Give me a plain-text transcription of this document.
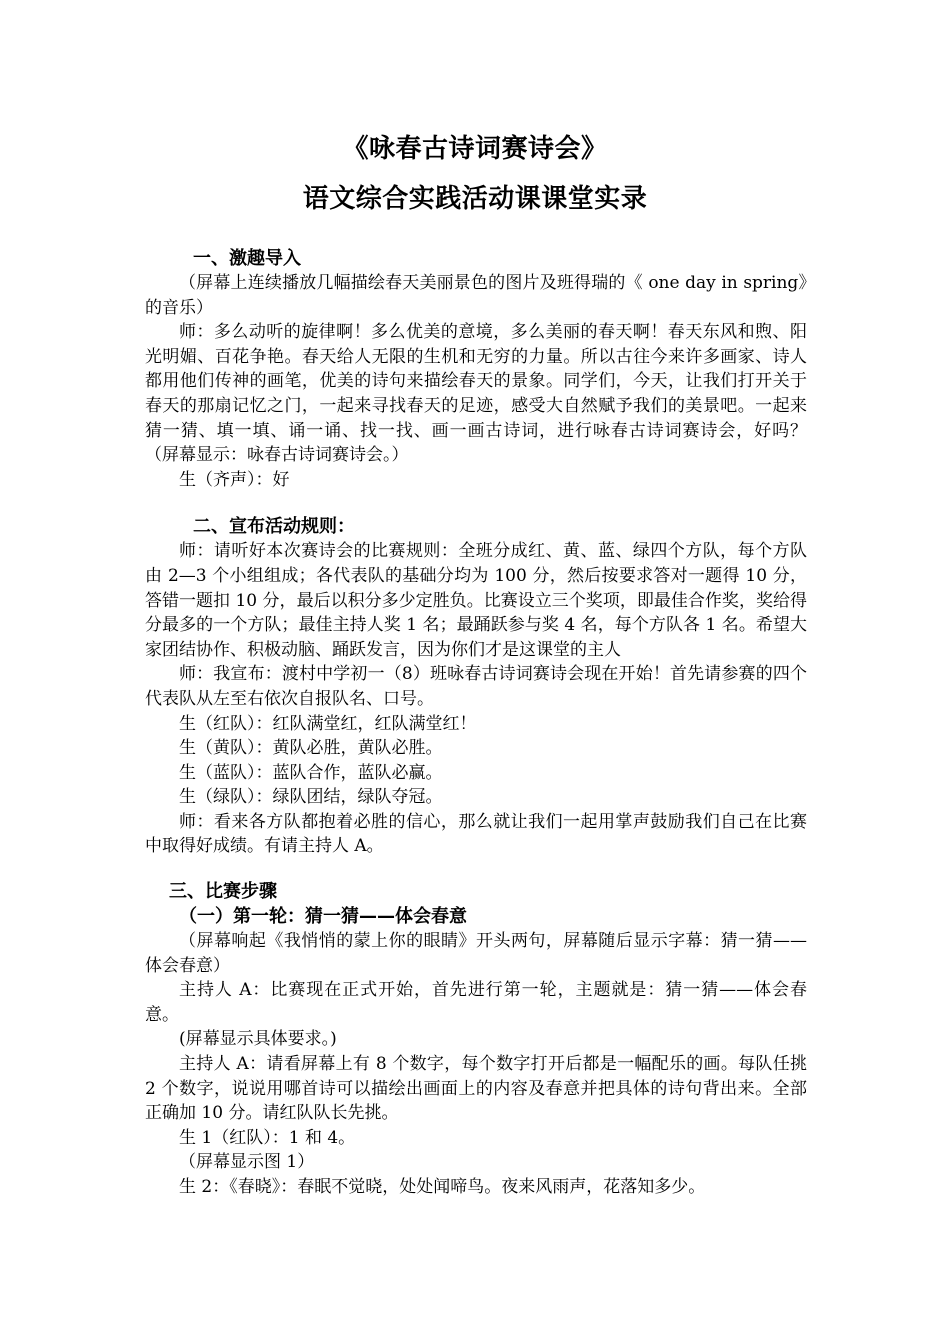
《咏春古诗词赛诗会》
语文综合实践活动课课堂实录
一、激趣导入

（屏幕上连续播放几幅描绘春天美丽景色的图片及班得瑞的《 one day in spring》的音乐）

师：多么动听的旋律啊！多么优美的意境，多么美丽的春天啊！春天东风和煦、阳光明媚、百花争艳。春天给人无限的生机和无穷的力量。所以古往今来许多画家、诗人都用他们传神的画笔，优美的诗句来描绘春天的景象。同学们，今天，让我们打开关于春天的那扇记忆之门，一起来寻找春天的足迹，感受大自然赋予我们的美景吧。一起来猜一猜、填一填、诵一诵、找一找、画一画古诗词，进行咏春古诗词赛诗会，好吗？（屏幕显示：咏春古诗词赛诗会。）

生（齐声）：好

二、宣布活动规则：

师：请听好本次赛诗会的比赛规则：全班分成红、黄、蓝、绿四个方队，每个方队由 2—3 个小组组成；各代表队的基础分均为 100 分，然后按要求答对一题得 10 分，答错一题扣 10 分，最后以积分多少定胜负。比赛设立三个奖项，即最佳合作奖，奖给得分最多的一个方队；最佳主持人奖 1 名；最踊跃参与奖 4 名，每个方队各 1 名。希望大家团结协作、积极动脑、踊跃发言，因为你们才是这课堂的主人

师：我宣布：渡村中学初一（8）班咏春古诗词赛诗会现在开始！首先请参赛的四个代表队从左至右依次自报队名、口号。

生（红队）：红队满堂红，红队满堂红！

生（黄队）：黄队必胜，黄队必胜。

生（蓝队）：蓝队合作，蓝队必赢。

生（绿队）：绿队团结，绿队夺冠。

师：看来各方队都抱着必胜的信心，那么就让我们一起用掌声鼓励我们自己在比赛中取得好成绩。有请主持人 A。

三、比赛步骤
（一）第一轮：猜一猜——体会春意

（屏幕响起《我悄悄的蒙上你的眼睛》开头两句，屏幕随后显示字幕：猜一猜——体会春意）

主持人 A：比赛现在正式开始，首先进行第一轮，主题就是：猜一猜——体会春意。

(屏幕显示具体要求。)

主持人 A：请看屏幕上有 8 个数字，每个数字打开后都是一幅配乐的画。每队任挑 2 个数字，说说用哪首诗可以描绘出画面上的内容及春意并把具体的诗句背出来。全部正确加 10 分。请红队队长先挑。

生 1（红队）：1 和 4。

（屏幕显示图 1）

生 2：《春晓》：春眠不觉晓，处处闻啼鸟。夜来风雨声，花落知多少。
